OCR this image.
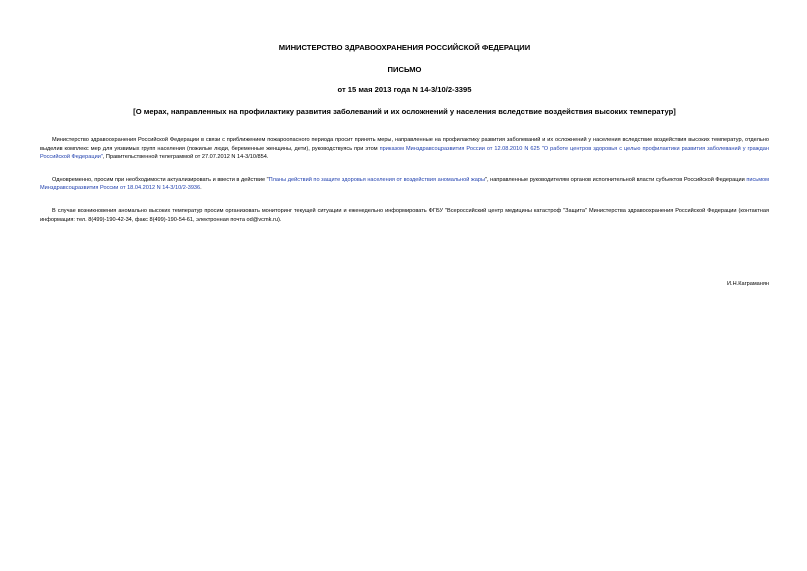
МИНИСТЕРСТВО ЗДРАВООХРАНЕНИЯ РОССИЙСКОЙ ФЕДЕРАЦИИ

ПИСЬМО

от 15 мая 2013 года N 14-3/10/2-3395

[О мерах, направленных на профилактику развития заболеваний и их осложнений у населения вследствие воздействия высоких температур]

Министерство здравоохранения Российской Федерации в связи с приближением пожароопасного периода просит принять меры, направленные на профилактику развития заболеваний и их осложнений у населения вследствие воздействия высоких температур, отдельно выделив комплекс мер для уязвимых групп населения (пожилые люди, беременные женщины, дети), руководствуясь при этом приказом Минздравсоцразвития России от 12.08.2010 N 625 "О работе центров здоровья с целью профилактики развития заболеваний у граждан Российской Федерации", Правительственной телеграммой от 27.07.2012 N 14-3/10/854.

Одновременно, просим при необходимости актуализировать и ввести в действие "Планы действий по защите здоровья населения от воздействия аномальной жары", направленные руководителям органов исполнительной власти субъектов Российской Федерации письмом Минздравсоцразвития России от 18.04.2012 N 14-3/10/2-3936.

В случае возникновения аномально высоких температур просим организовать мониторинг текущей ситуации и еженедельно информировать ФГБУ "Всероссийский центр медицины катастроф "Защита" Министерства здравоохранения Российской Федерации (контактная информация: тел. 8(499)-190-42-34, факс 8(499)-190-54-61, электронная почта od@vcmk.ru).

И.Н.Каграманян
